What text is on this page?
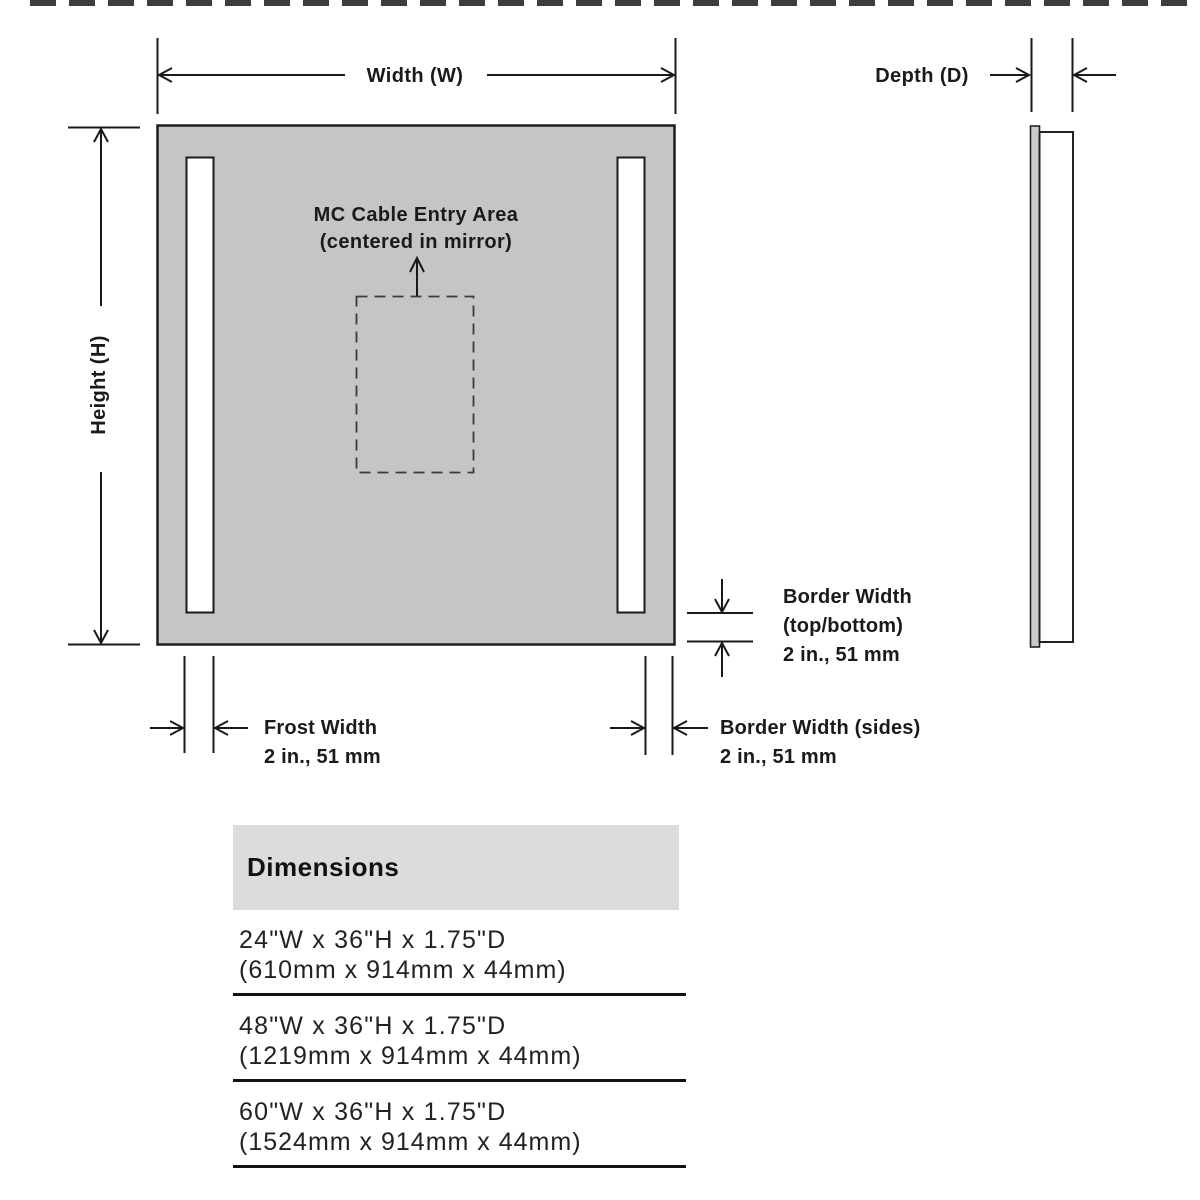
MC Cable Entry Area
(centered in mirror)
Width (W)
Height (H)
Depth (D)
Border Width
(top/bottom)
2 in., 51 mm
Frost Width
2 in., 51 mm
Border Width (sides)
2 in., 51 mm
Dimensions
24"W x 36"H x 1.75"D
(610mm x 914mm x 44mm)
48"W x 36"H x 1.75"D
(1219mm x 914mm x 44mm)
60"W x 36"H x 1.75"D
(1524mm x 914mm x 44mm)
